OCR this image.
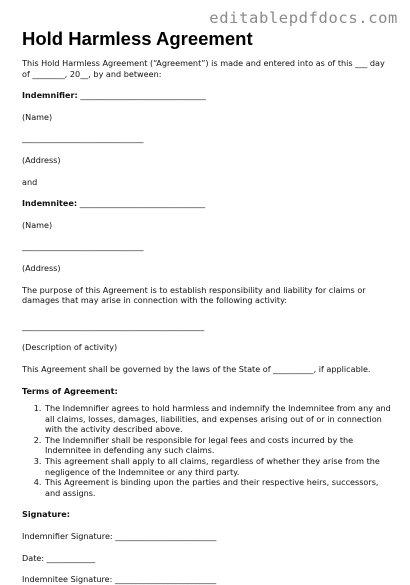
editablepdfdocs.com
Hold Harmless Agreement
This Hold Harmless Agreement (“Agreement”) is made and entered into as of this ___ day of ________, 20__, by and between:
Indemnifier: _______________________________
(Name)
______________________________
(Address)
and
Indemnitee: _______________________________
(Name)
______________________________
(Address)
The purpose of this Agreement is to establish responsibility and liability for claims or damages that may arise in connection with the following activity:
_____________________________________________
(Description of activity)
This Agreement shall be governed by the laws of the State of __________, if applicable.
Terms of Agreement:
1. The Indemnifier agrees to hold harmless and indemnify the Indemnitee from any and all claims, losses, damages, liabilities, and expenses arising out of or in connection with the activity described above.
2. The Indemnifier shall be responsible for legal fees and costs incurred by the Indemnitee in defending any such claims.
3. This agreement shall apply to all claims, regardless of whether they arise from the negligence of the Indemnitee or any third party.
4. This Agreement is binding upon the parties and their respective heirs, successors, and assigns.
Signature:
Indemnifier Signature: _________________________
Date: ____________
Indemnitee Signature: _________________________
